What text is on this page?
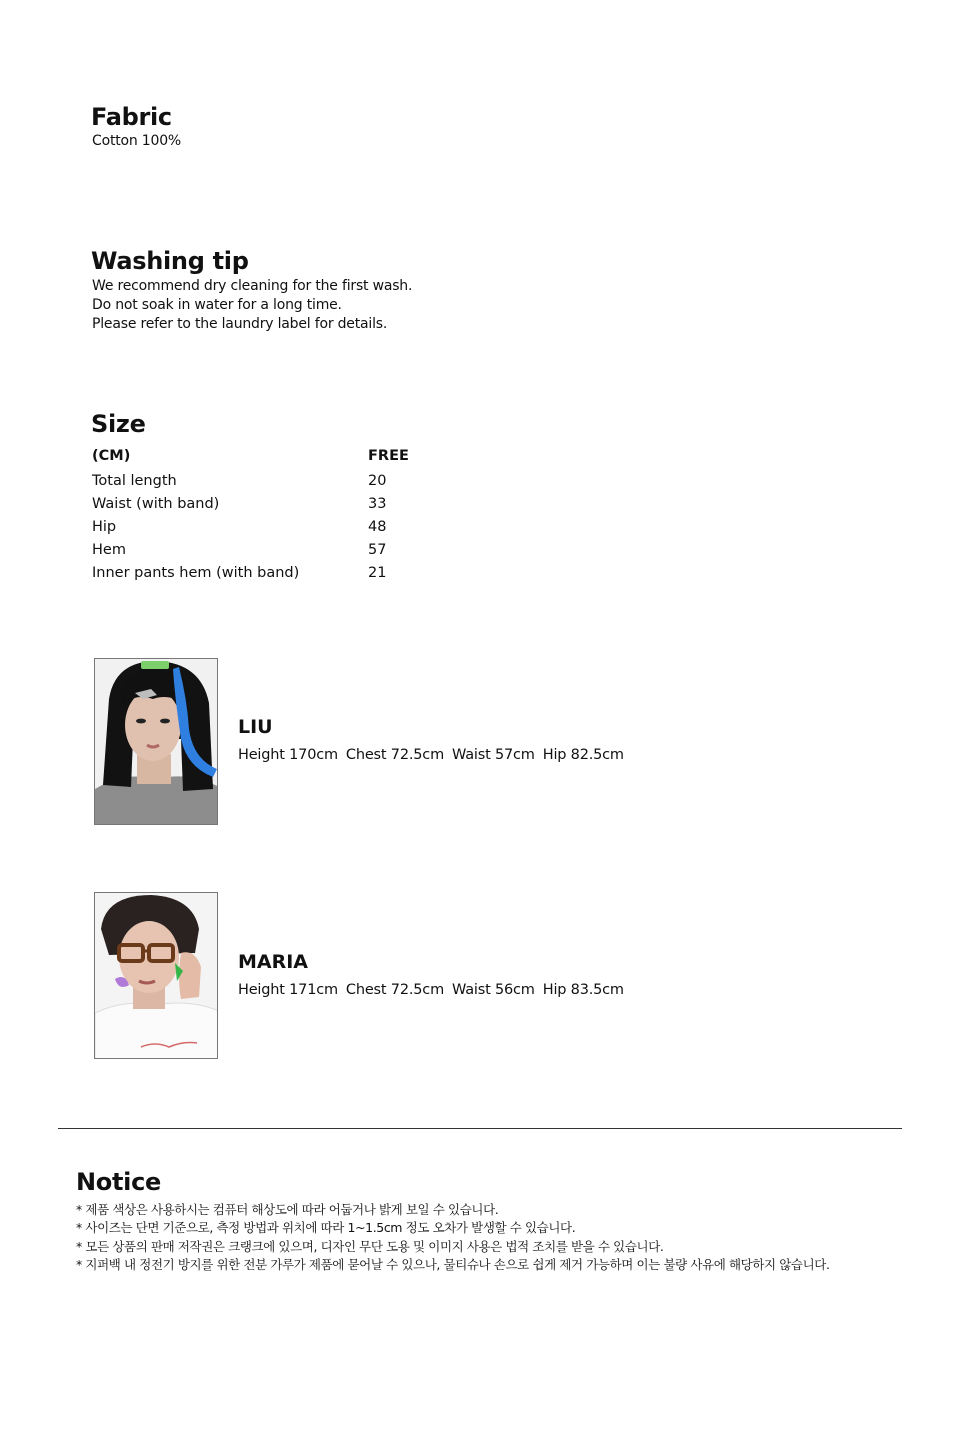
Fabric
Cotton 100%
Washing tip
We recommend dry cleaning for the first wash.
Do not soak in water for a long time.
Please refer to the laundry label for details.
Size
(CM)	FREE
Total length	20
Waist (with band)	33
Hip	48
Hem	57
Inner pants hem (with band)	21
LIU
Height 170cm Chest 72.5cm Waist 57cm Hip 82.5cm
MARIA
Height 171cm Chest 72.5cm Waist 56cm Hip 83.5cm
Notice
* 제품 색상은 사용하시는 컴퓨터 해상도에 따라 어둡거나 밝게 보일 수 있습니다.
* 사이즈는 단면 기준으로, 측정 방법과 위치에 따라 1~1.5cm 정도 오차가 발생할 수 있습니다.
* 모든 상품의 판매 저작권은 크랭크에 있으며, 디자인 무단 도용 및 이미지 사용은 법적 조치를 받을 수 있습니다.
* 지퍼백 내 정전기 방지를 위한 전분 가루가 제품에 묻어날 수 있으나, 물티슈나 손으로 쉽게 제거 가능하며 이는 불량 사유에 해당하지 않습니다.
